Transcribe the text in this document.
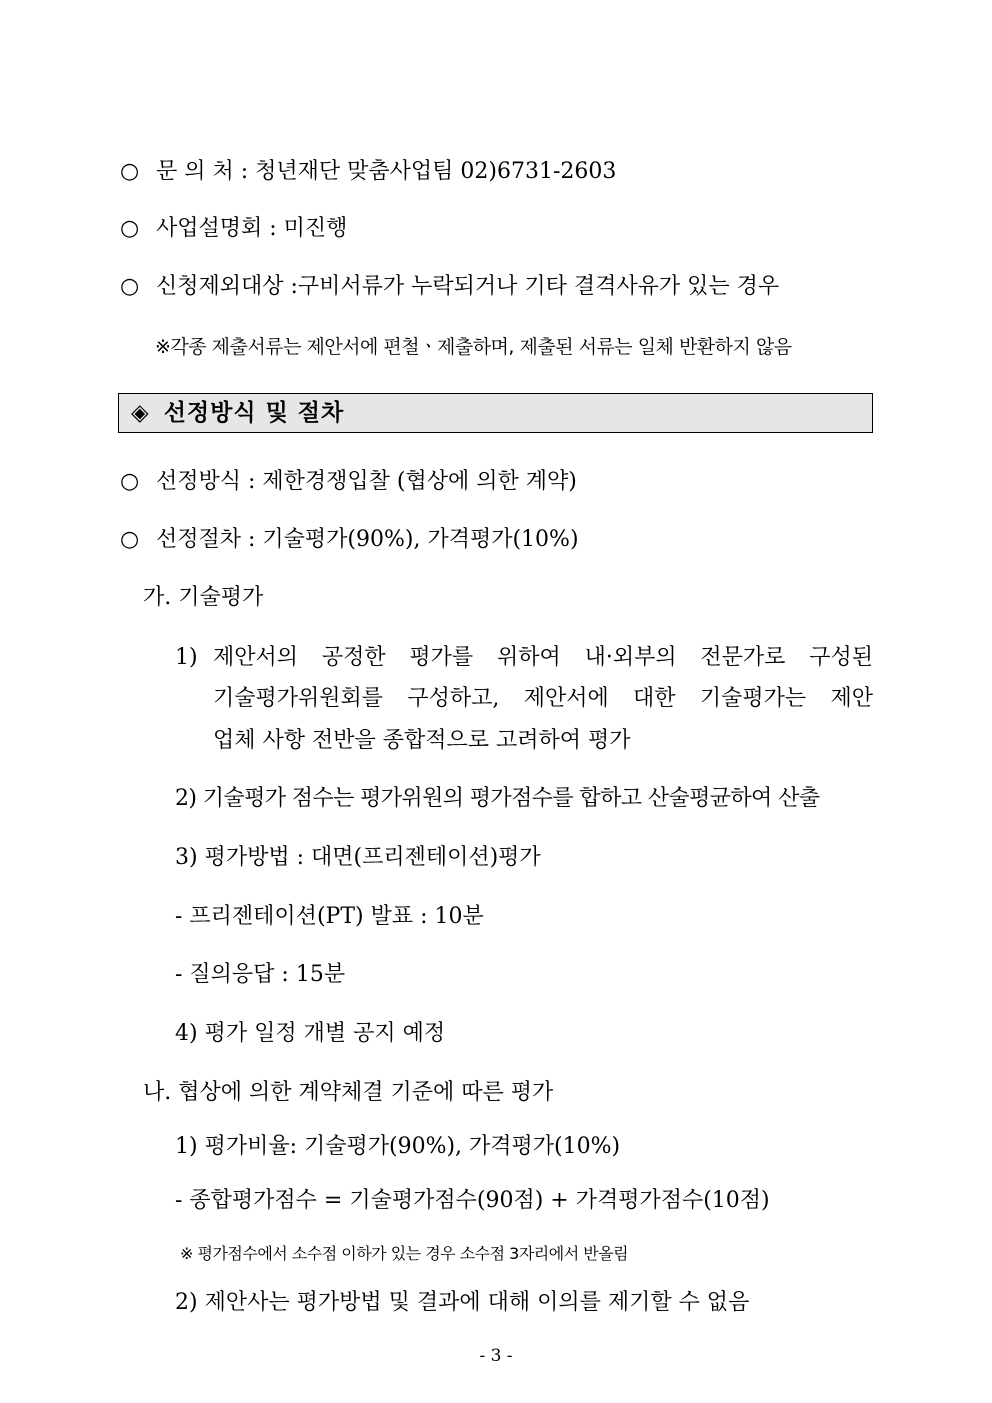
○ 문 의 처 : 청년재단 맞춤사업팀 02)6731-2603
○ 사업설명회 : 미진행
○ 신청제외대상 :구비서류가 누락되거나 기타 결격사유가 있는 경우
※각종 제출서류는 제안서에 편철ㆍ제출하며, 제출된 서류는 일체 반환하지 않음
◈ 선정방식 및 절차
○ 선정방식 : 제한경쟁입찰 (협상에 의한 계약)
○ 선정절차 : 기술평가(90%), 가격평가(10%)
가. 기술평가
1) 제안서의 공정한 평가를 위하여 내·외부의 전문가로 구성된
기술평가위원회를 구성하고, 제안서에 대한 기술평가는 제안
업체 사항 전반을 종합적으로 고려하여 평가
2) 기술평가 점수는 평가위원의 평가점수를 합하고 산술평균하여 산출
3) 평가방법 : 대면(프리젠테이션)평가
- 프리젠테이션(PT) 발표 : 10분
- 질의응답 : 15분
4) 평가 일정 개별 공지 예정
나. 협상에 의한 계약체결 기준에 따른 평가
1) 평가비율: 기술평가(90%), 가격평가(10%)
- 종합평가점수 = 기술평가점수(90점) + 가격평가점수(10점)
※ 평가점수에서 소수점 이하가 있는 경우 소수점 3자리에서 반올림
2) 제안사는 평가방법 및 결과에 대해 이의를 제기할 수 없음
- 3 -
